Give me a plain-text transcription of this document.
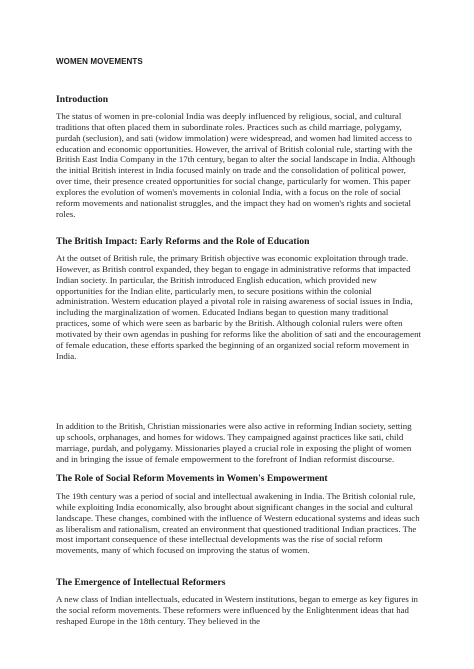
WOMEN MOVEMENTS
Introduction

The status of women in pre-colonial India was deeply influenced by religious, social, and cultural traditions that often placed them in subordinate roles. Practices such as child marriage, polygamy, purdah (seclusion), and sati (widow immolation) were widespread, and women had limited access to education and economic opportunities. However, the arrival of British colonial rule, starting with the British East India Company in the 17th century, began to alter the social landscape in India. Although the initial British interest in India focused mainly on trade and the consolidation of political power, over time, their presence created opportunities for social change, particularly for women. This paper explores the evolution of women's movements in colonial India, with a focus on the role of social reform movements and nationalist struggles, and the impact they had on women's rights and societal roles.

The British Impact: Early Reforms and the Role of Education

At the outset of British rule, the primary British objective was economic exploitation through trade. However, as British control expanded, they began to engage in administrative reforms that impacted Indian society. In particular, the British introduced English education, which provided new opportunities for the Indian elite, particularly men, to secure positions within the colonial administration. Western education played a pivotal role in raising awareness of social issues in India, including the marginalization of women. Educated Indians began to question many traditional practices, some of which were seen as barbaric by the British. Although colonial rulers were often motivated by their own agendas in pushing for reforms like the abolition of sati and the encouragement of female education, these efforts sparked the beginning of an organized social reform movement in India.

In addition to the British, Christian missionaries were also active in reforming Indian society, setting up schools, orphanages, and homes for widows. They campaigned against practices like sati, child marriage, purdah, and polygamy. Missionaries played a crucial role in exposing the plight of women and in bringing the issue of female empowerment to the forefront of Indian reformist discourse.

The Role of Social Reform Movements in Women's Empowerment

The 19th century was a period of social and intellectual awakening in India. The British colonial rule, while exploiting India economically, also brought about significant changes in the social and cultural landscape. These changes, combined with the influence of Western educational systems and ideas such as liberalism and rationalism, created an environment that questioned traditional Indian practices. The most important consequence of these intellectual developments was the rise of social reform movements, many of which focused on improving the status of women.

The Emergence of Intellectual Reformers

A new class of Indian intellectuals, educated in Western institutions, began to emerge as key figures in the social reform movements. These reformers were influenced by the Enlightenment ideas that had reshaped Europe in the 18th century. They believed in the
